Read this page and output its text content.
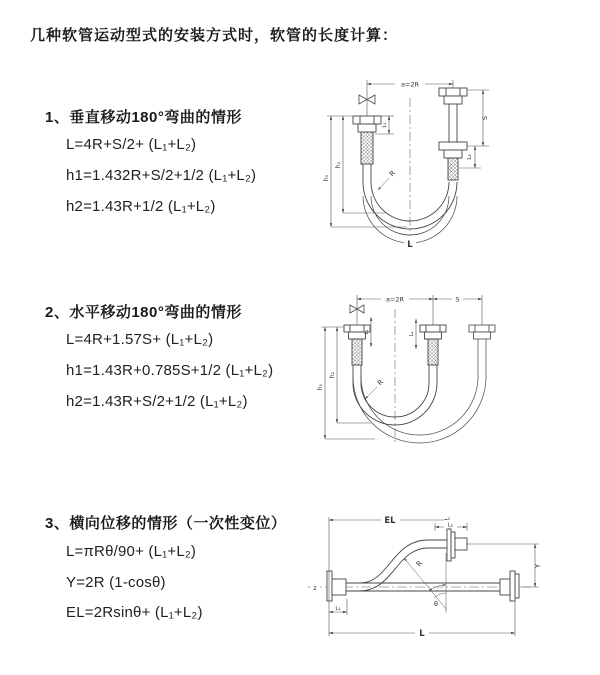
几种软管运动型式的安装方式时，软管的长度计算：
1、垂直移动180°弯曲的情形
L=4R+S/2+ (L₁+L₂)
h1=1.432R+S/2+1/2 (L₁+L₂)
h2=1.43R+1/2 (L₁+L₂)
2、水平移动180°弯曲的情形
L=4R+1.57S+ (L₁+L₂)
h1=1.43R+0.785S+1/2 (L₁+L₂)
h2=1.43R+S/2+1/2 (L₁+L₂)
3、横向位移的情形（一次性变位）
L=πRθ/90+ (L₁+L₂)
Y=2R (1-cosθ)
EL=2Rsinθ+ (L₁+L₂)
a=2R
L₁
S
L₂
h₁
h₂
R
L
a=2R	S
L₁	L₂
h₁
h₂
R
EL	L₂
Y
R
θ
L₁
L
z
